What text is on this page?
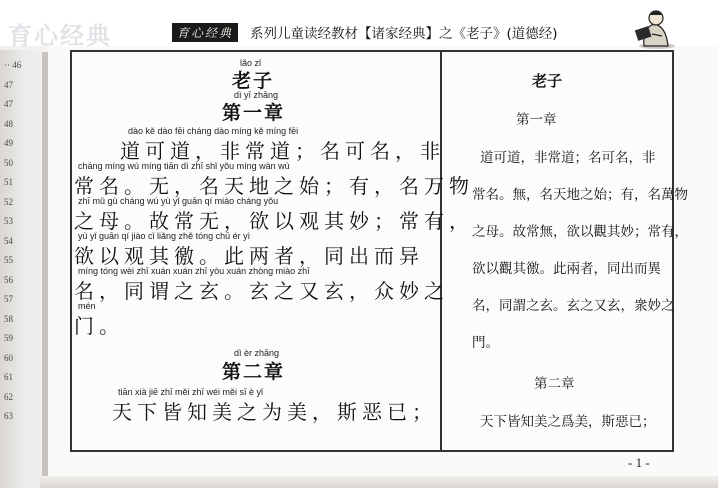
·· 46
47
47
48
49
50
51
52
53
54
55
56
57
58
59
60
61
62
63
育心经典	育心经典	系列儿童读经教材【诸家经典】之《老子》(道德经)
lǎo zǐ
老子
dì yī zhāng
第一章
dào kě dào fēi cháng dào míng kě míng fēi
道可道，非常道；名可名，非
cháng míng wú míng tiān dì zhī shǐ yǒu míng wàn wù
常名。无，名天地之始；有，名万物
zhī mǔ gù cháng wú yù yǐ guān qí miào cháng yǒu
之母。故常无，欲以观其妙；常有，
yù yǐ guān qí jiào cǐ liǎng zhě tóng chū ér yì
欲以观其徼。此两者，同出而异
míng tóng wèi zhī xuán xuán zhī yòu xuán zhòng miào zhī
名，同谓之玄。玄之又玄，众妙之
mén
门。
dì èr zhāng
第二章
tiān xià jiē zhī měi zhī wéi měi sī è yǐ
天下皆知美之为美，斯恶已；
老子
第一章
道可道，非常道；名可名，非
常名。無，名天地之始；有，名萬物
之母。故常無，欲以觀其妙；常有，
欲以觀其徼。此兩者，同出而異
名，同謂之玄。玄之又玄，衆妙之
門。
第二章
天下皆知美之爲美，斯惡已；
- 1 -
